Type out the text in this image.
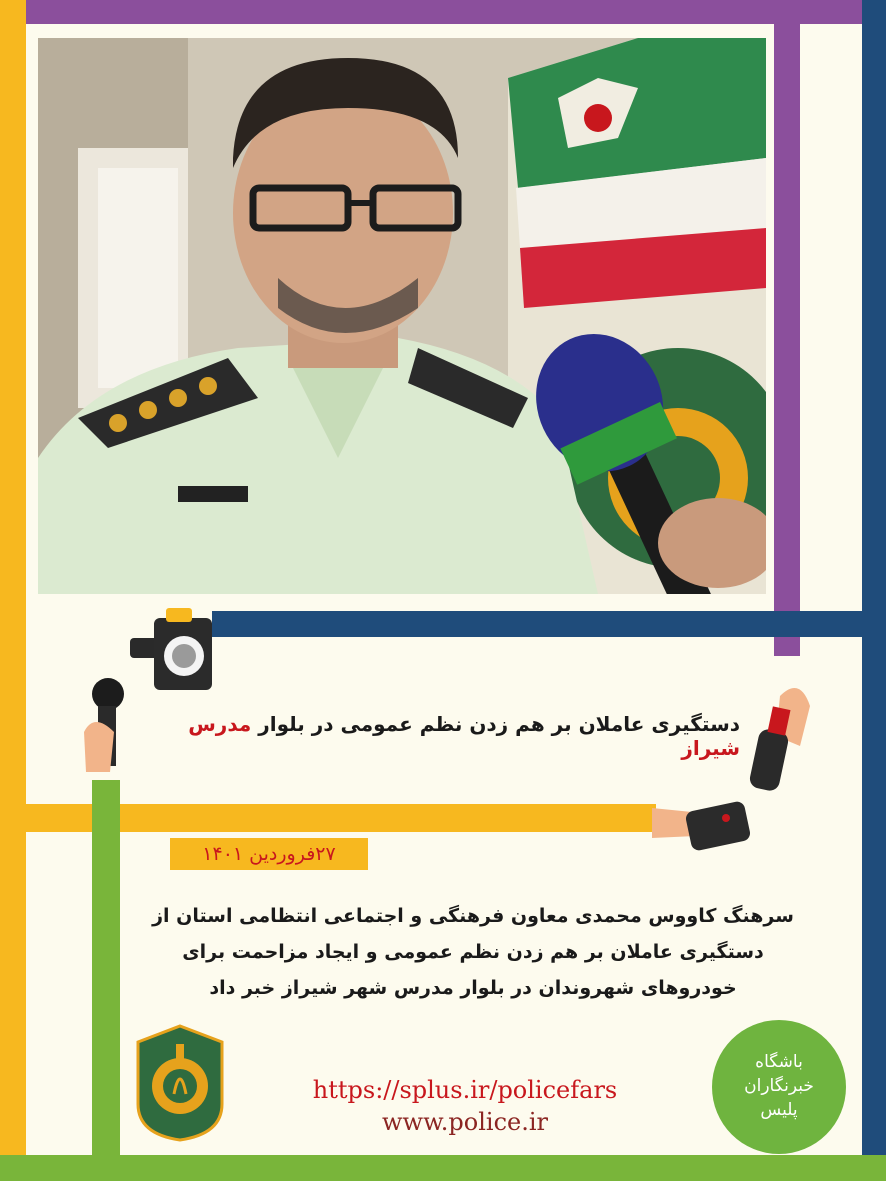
دستگیری عاملان بر هم زدن نظم عمومی در بلوار مدرس شیراز
۲۷فروردین ۱۴۰۱
سرهنگ کاووس محمدی معاون فرهنگی و اجتماعی انتظامی استان از
دستگیری عاملان بر هم زدن نظم عمومی و ایجاد مزاحمت برای
خودروهای شهروندان در بلوار مدرس شهر شیراز خبر داد
https://splus.ir/policefars
www.police.ir
باشگاه
خبرنگاران
پلیس
